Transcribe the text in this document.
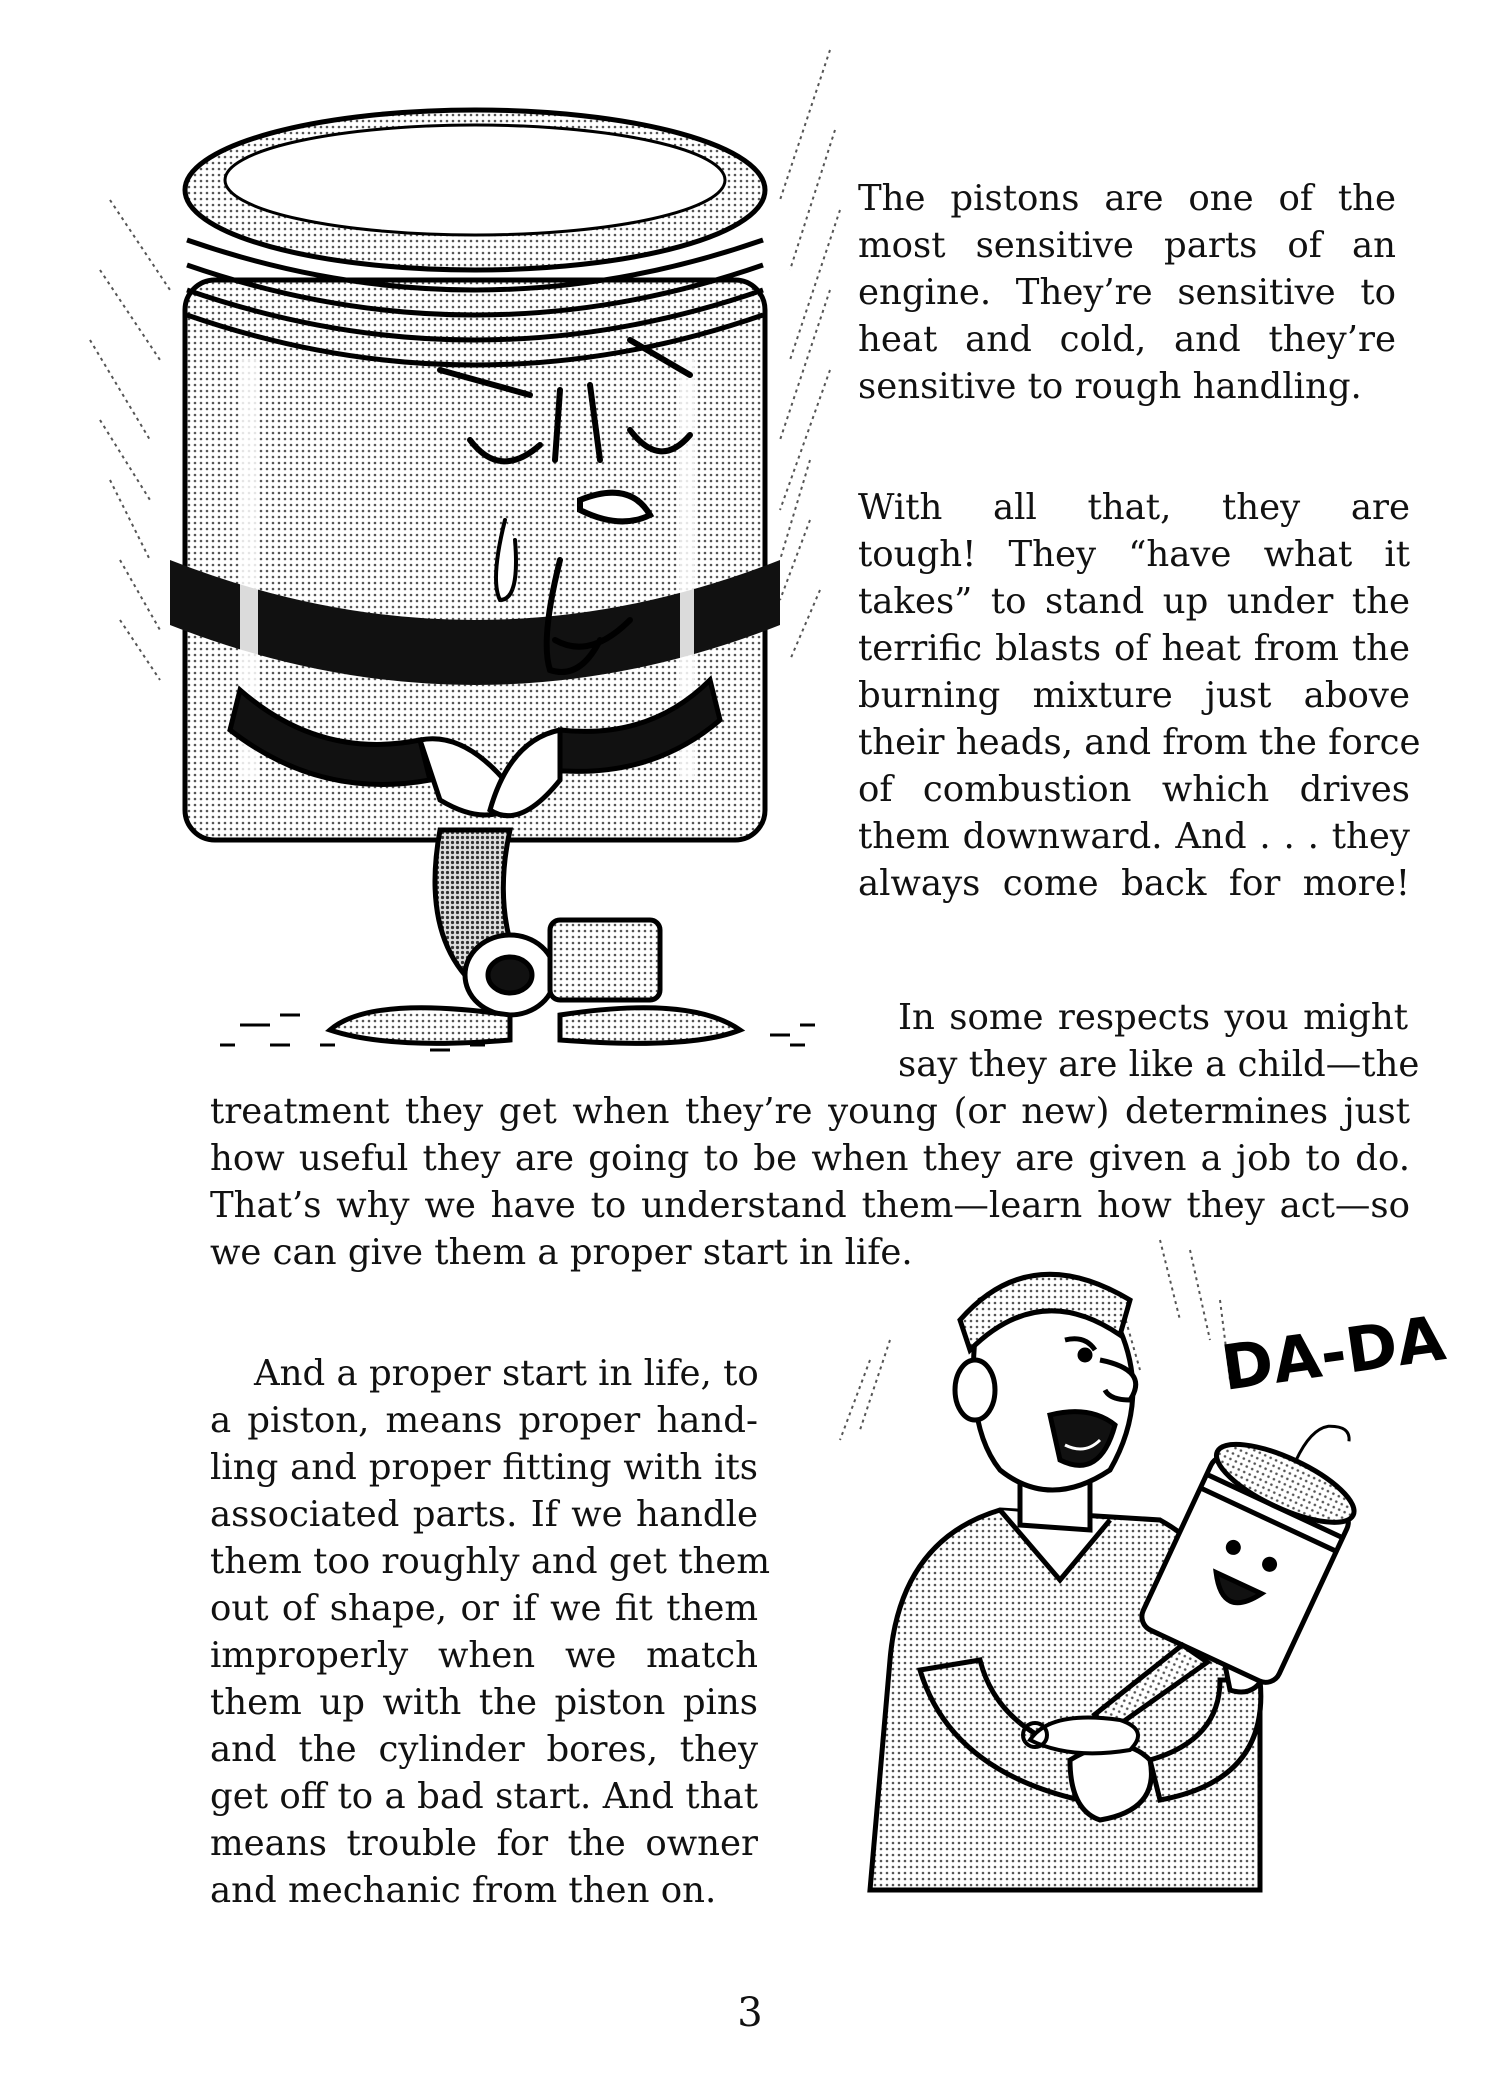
The pistons are one of the
most sensitive parts of an
engine. They’re sensitive to
heat and cold, and they’re
sensitive to rough handling.
With all that, they are
tough! They “have what it
takes” to stand up under the
terrific blasts of heat from the
burning mixture just above
their heads, and from the force
of combustion which drives
them downward. And . . . they
always come back for more!
In some respects you might
say they are like a child—the
treatment they get when they’re young (or new) determines just
how useful they are going to be when they are given a job to do.
That’s why we have to understand them—learn how they act—so
we can give them a proper start in life.
And a proper start in life, to
a piston, means proper hand-
ling and proper fitting with its
associated parts. If we handle
them too roughly and get them
out of shape, or if we fit them
improperly when we match
them up with the piston pins
and the cylinder bores, they
get off to a bad start. And that
means trouble for the owner
and mechanic from then on.
DA-DA
3
